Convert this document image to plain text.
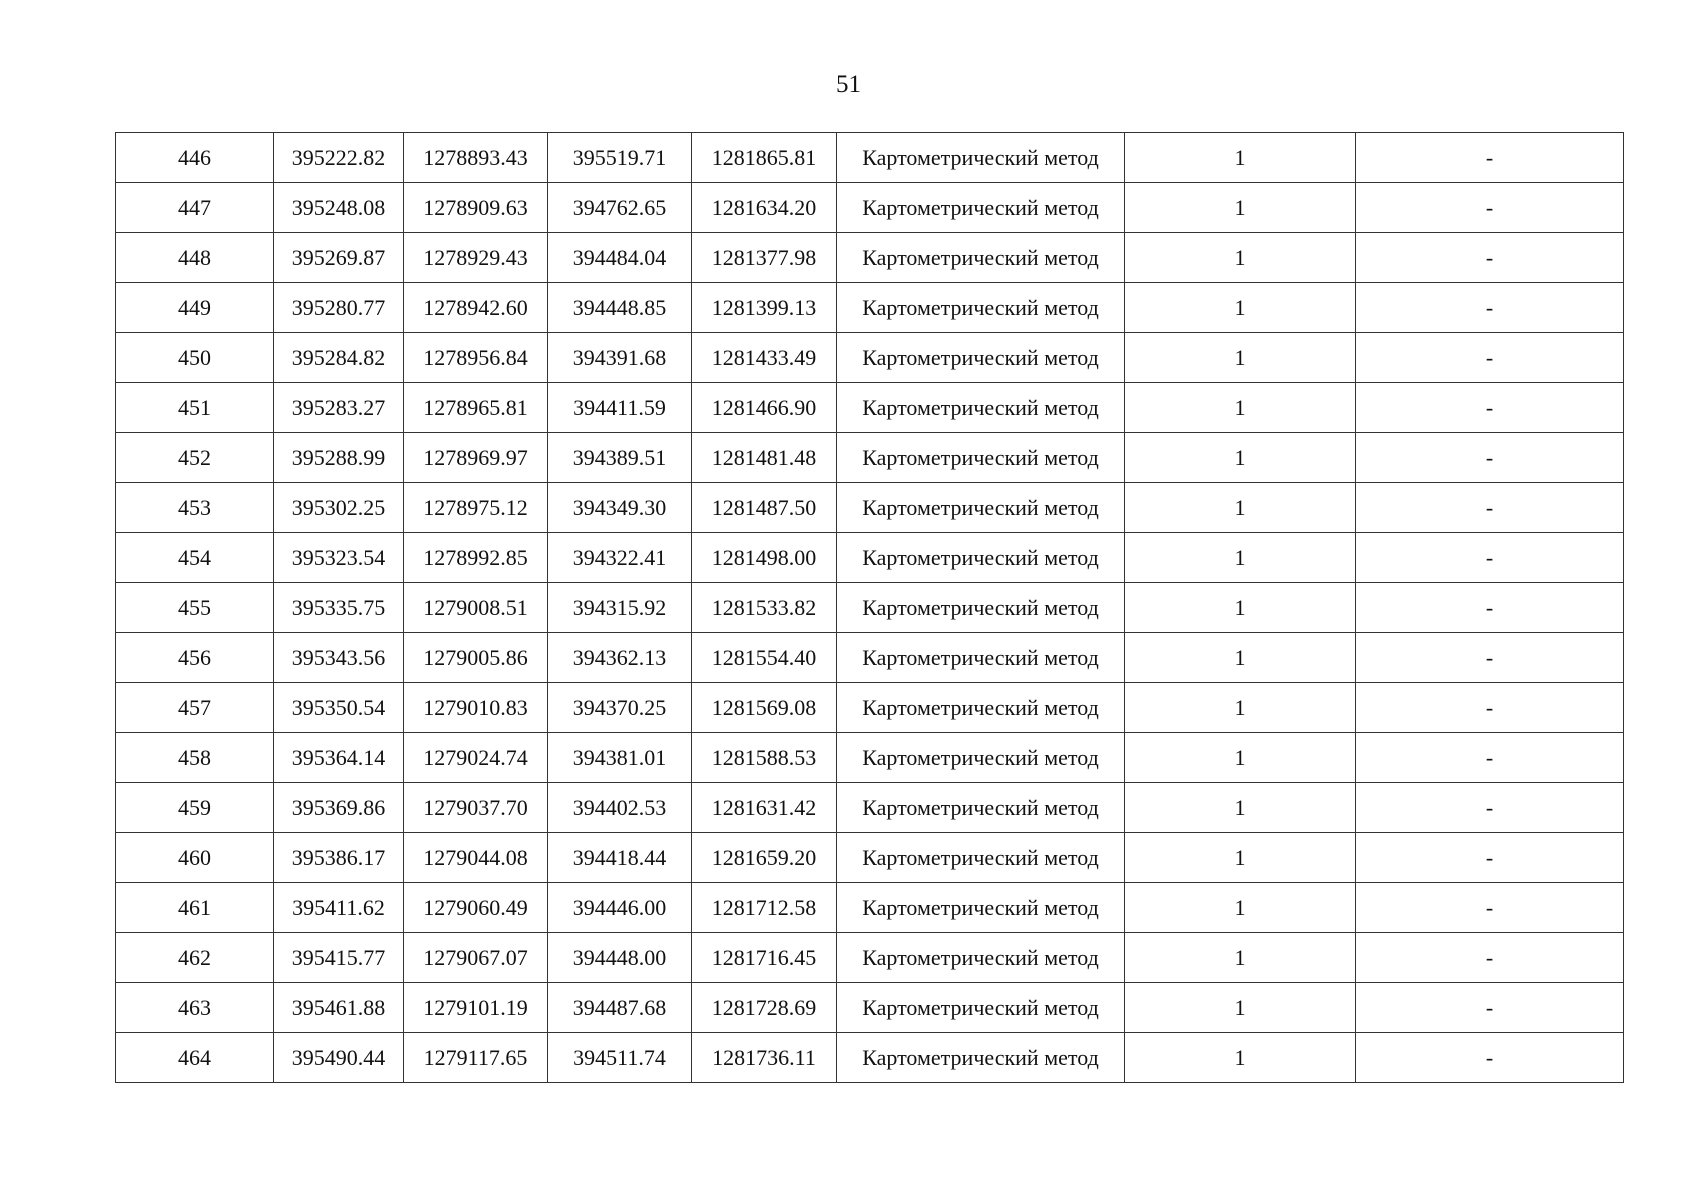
51
446	395222.82	1278893.43	395519.71	1281865.81	Картометрический метод	1	-
447	395248.08	1278909.63	394762.65	1281634.20	Картометрический метод	1	-
448	395269.87	1278929.43	394484.04	1281377.98	Картометрический метод	1	-
449	395280.77	1278942.60	394448.85	1281399.13	Картометрический метод	1	-
450	395284.82	1278956.84	394391.68	1281433.49	Картометрический метод	1	-
451	395283.27	1278965.81	394411.59	1281466.90	Картометрический метод	1	-
452	395288.99	1278969.97	394389.51	1281481.48	Картометрический метод	1	-
453	395302.25	1278975.12	394349.30	1281487.50	Картометрический метод	1	-
454	395323.54	1278992.85	394322.41	1281498.00	Картометрический метод	1	-
455	395335.75	1279008.51	394315.92	1281533.82	Картометрический метод	1	-
456	395343.56	1279005.86	394362.13	1281554.40	Картометрический метод	1	-
457	395350.54	1279010.83	394370.25	1281569.08	Картометрический метод	1	-
458	395364.14	1279024.74	394381.01	1281588.53	Картометрический метод	1	-
459	395369.86	1279037.70	394402.53	1281631.42	Картометрический метод	1	-
460	395386.17	1279044.08	394418.44	1281659.20	Картометрический метод	1	-
461	395411.62	1279060.49	394446.00	1281712.58	Картометрический метод	1	-
462	395415.77	1279067.07	394448.00	1281716.45	Картометрический метод	1	-
463	395461.88	1279101.19	394487.68	1281728.69	Картометрический метод	1	-
464	395490.44	1279117.65	394511.74	1281736.11	Картометрический метод	1	-
